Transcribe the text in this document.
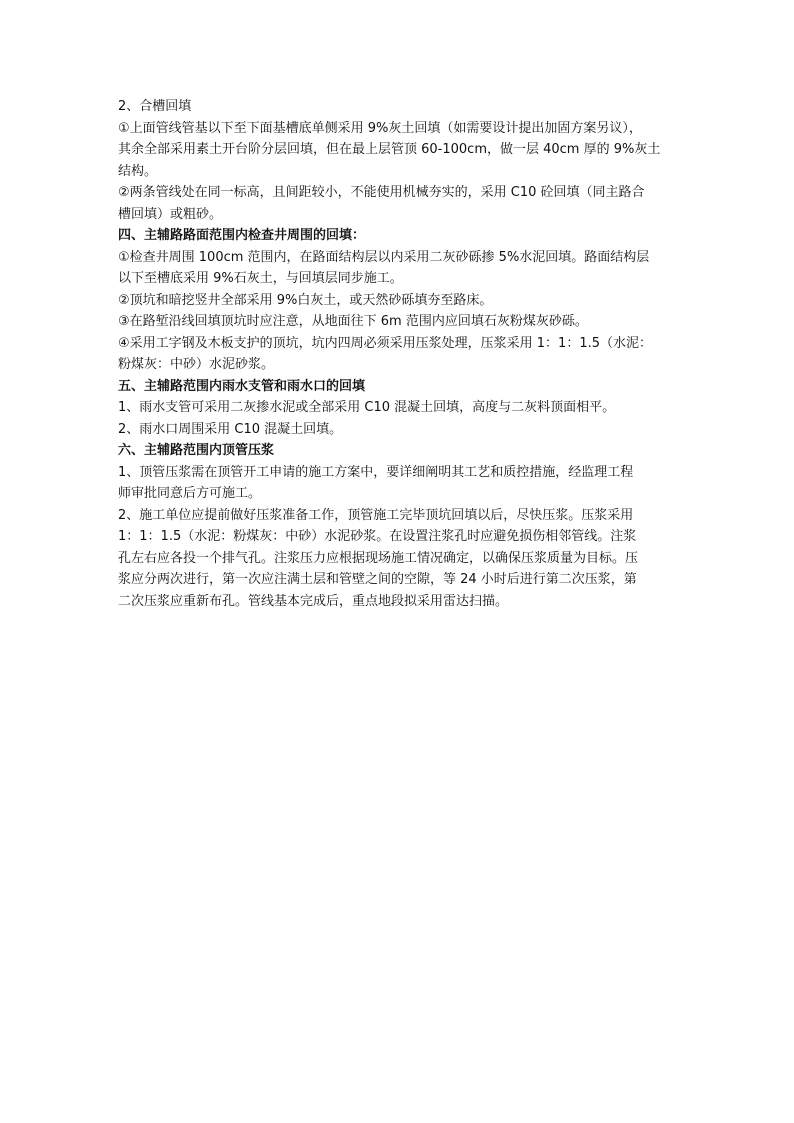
2、合槽回填
①上面管线管基以下至下面基槽底单侧采用 9%灰土回填（如需要设计提出加固方案另议），
其余全部采用素土开台阶分层回填，但在最上层管顶 60-100cm，做一层 40cm 厚的 9%灰土
结构。
②两条管线处在同一标高，且间距较小，不能使用机械夯实的，采用 C10 砼回填（同主路合
槽回填）或粗砂。
四、主辅路路面范围内检查井周围的回填：
①检查井周围 100cm 范围内，在路面结构层以内采用二灰砂砾掺 5%水泥回填。路面结构层
以下至槽底采用 9%石灰土，与回填层同步施工。
②顶坑和暗挖竖井全部采用 9%白灰土，或天然砂砾填夯至路床。
③在路堑沿线回填顶坑时应注意，从地面往下 6m 范围内应回填石灰粉煤灰砂砾。
④采用工字钢及木板支护的顶坑，坑内四周必须采用压浆处理，压浆采用 1：1：1.5（水泥：
粉煤灰：中砂）水泥砂浆。
五、主辅路范围内雨水支管和雨水口的回填
1、雨水支管可采用二灰掺水泥或全部采用 C10 混凝土回填，高度与二灰料顶面相平。
2、雨水口周围采用 C10 混凝土回填。
六、主辅路范围内顶管压浆
1、顶管压浆需在顶管开工申请的施工方案中，要详细阐明其工艺和质控措施，经监理工程
师审批同意后方可施工。
2、施工单位应提前做好压浆准备工作，顶管施工完毕顶坑回填以后，尽快压浆。压浆采用
1：1：1.5（水泥：粉煤灰：中砂）水泥砂浆。在设置注浆孔时应避免损伤相邻管线。注浆
孔左右应各投一个排气孔。注浆压力应根据现场施工情况确定，以确保压浆质量为目标。压
浆应分两次进行，第一次应注满土层和管壁之间的空隙，等 24 小时后进行第二次压浆，第
二次压浆应重新布孔。管线基本完成后，重点地段拟采用雷达扫描。
